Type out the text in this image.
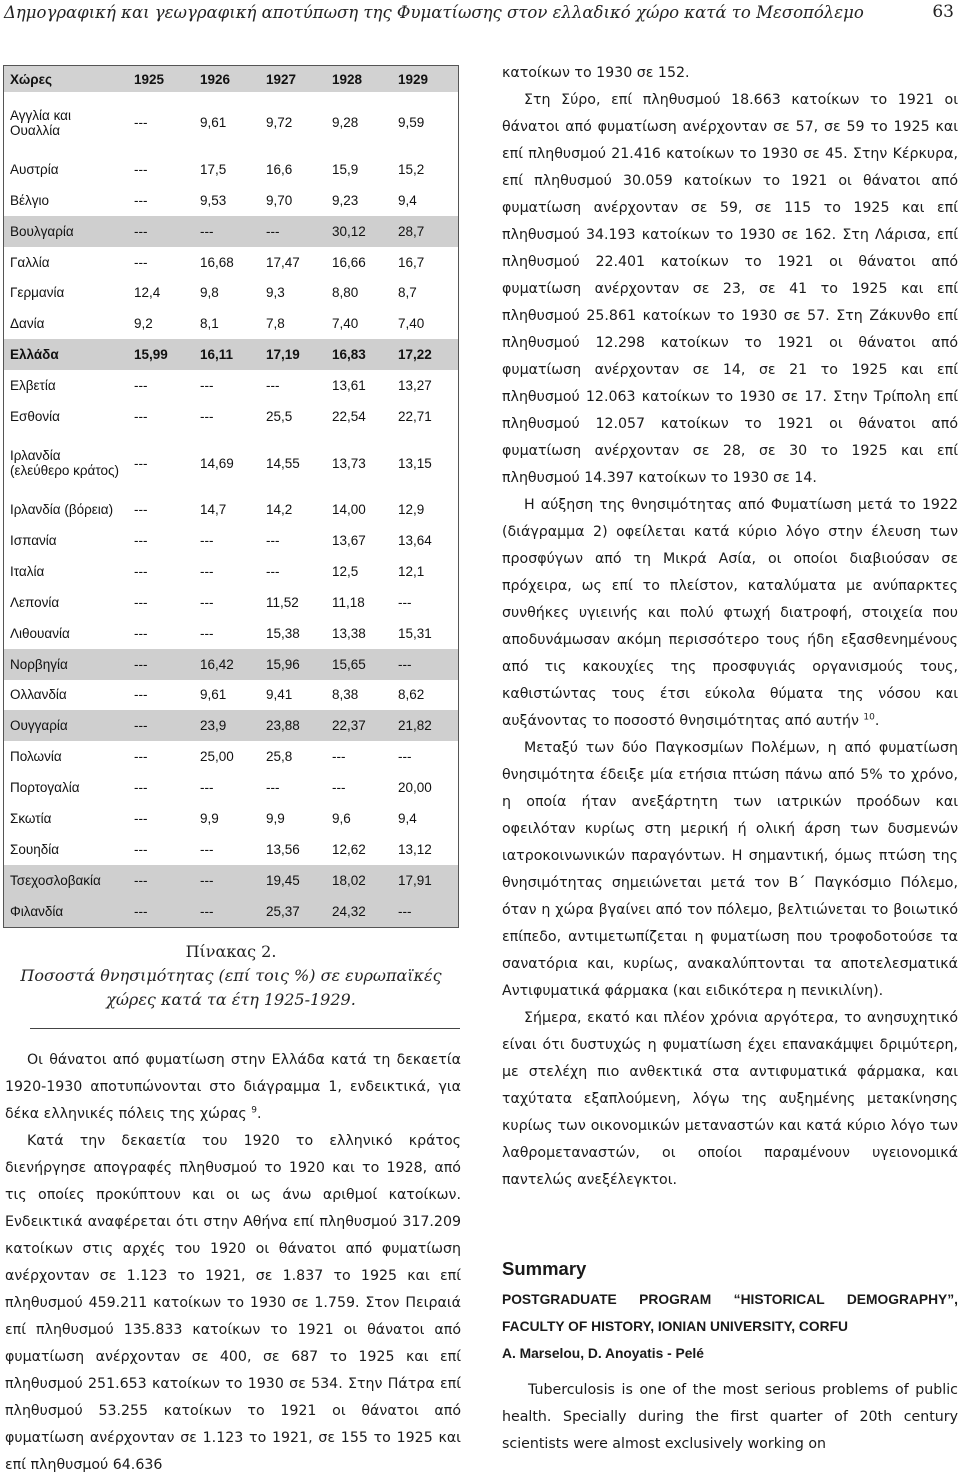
Δημογραφική και γεωγραφική αποτύπωση της Φυματίωσης στον ελλαδικό χώρο κατά το Μεσοπόλεμο	63
Χώρες	1925	1926	1927	1928	1929
Αγγλία και Ουαλλία	---	9,61	9,72	9,28	9,59
Αυστρία	---	17,5	16,6	15,9	15,2
Βέλγιο	---	9,53	9,70	9,23	9,4
Βουλγαρία	---	---	---	30,12	28,7
Γαλλία	---	16,68	17,47	16,66	16,7
Γερμανία	12,4	9,8	9,3	8,80	8,7
Δανία	9,2	8,1	7,8	7,40	7,40
Ελλάδα	15,99	16,11	17,19	16,83	17,22
Ελβετία	---	---	---	13,61	13,27
Εσθονία	---	---	25,5	22,54	22,71
Ιρλανδία (ελεύθερο κράτος)	---	14,69	14,55	13,73	13,15
Ιρλανδία (βόρεια)	---	14,7	14,2	14,00	12,9
Ισπανία	---	---	---	13,67	13,64
Ιταλία	---	---	---	12,5	12,1
Λεπονία	---	---	11,52	11,18	---
Λιθουανία	---	---	15,38	13,38	15,31
Νορβηγία	---	16,42	15,96	15,65	---
Ολλανδία	---	9,61	9,41	8,38	8,62
Ουγγαρία	---	23,9	23,88	22,37	21,82
Πολωνία	---	25,00	25,8	---	---
Πορτογαλία	---	---	---	---	20,00
Σκωτία	---	9,9	9,9	9,6	9,4
Σουηδία	---	---	13,56	12,62	13,12
Τσεχοσλοβακία	---	---	19,45	18,02	17,91
Φιλανδία	---	---	25,37	24,32	---
Πίνακας 2.
Ποσοστά θνησιμότητας (επί τοις %) σε ευρωπαϊκές
χώρες κατά τα έτη 1925-1929.

Οι θάνατοι από φυματίωση στην Ελλάδα κατά τη δεκαετία 1920-1930 αποτυπώνονται στο διάγραμμα 1, ενδεικτικά, για δέκα ελληνικές πόλεις της χώρας $^9$.

Κατά την δεκαετία του 1920 το ελληνικό κράτος διενήργησε απογραφές πληθυσμού το 1920 και το 1928, από τις οποίες προκύπτουν και οι ως άνω αριθμοί κατοίκων. Ενδεικτικά αναφέρεται ότι στην Αθήνα επί πληθυσμού 317.209 κατοίκων στις αρχές του 1920 οι θάνατοι από φυματίωση ανέρχονταν σε 1.123 το 1921, σε 1.837 το 1925 και επί πληθυσμού 459.211 κατοίκων το 1930 σε 1.759. Στον Πειραιά επί πληθυσμού 135.833 κατοίκων το 1921 οι θάνατοι από φυματίωση ανέρχονταν σε 400, σε 687 το 1925 και επί πληθυσμού 251.653 κατοίκων το 1930 σε 534. Στην Πάτρα επί πληθυσμού 53.255 κατοίκων το 1921 οι θάνατοι από φυματίωση ανέρχονταν σε 1.123 το 1921, σε 155 το 1925 και επί πληθυσμού 64.636

κατοίκων το 1930 σε 152.

Στη Σύρο, επί πληθυσμού 18.663 κατοίκων το 1921 οι θάνατοι από φυματίωση ανέρχονταν σε 57, σε 59 το 1925 και επί πληθυσμού 21.416 κατοίκων το 1930 σε 45. Στην Κέρκυρα, επί πληθυσμού 30.059 κατοίκων το 1921 οι θάνατοι από φυματίωση ανέρχονταν σε 59, σε 115 το 1925 και επί πληθυσμού 34.193 κατοίκων το 1930 σε 162. Στη Λάρισα, επί πληθυσμού 22.401 κατοίκων το 1921 οι θάνατοι από φυματίωση ανέρχονταν σε 23, σε 41 το 1925 και επί πληθυσμού 25.861 κατοίκων το 1930 σε 57. Στη Ζάκυνθο επί πληθυσμού 12.298 κατοίκων το 1921 οι θάνατοι από φυματίωση ανέρχονταν σε 14, σε 21 το 1925 και επί πληθυσμού 12.063 κατοίκων το 1930 σε 17. Στην Τρίπολη επί πληθυσμού 12.057 κατοίκων το 1921 οι θάνατοι από φυματίωση ανέρχονταν σε 28, σε 30 το 1925 και επί πληθυσμού 14.397 κατοίκων το 1930 σε 14.

Η αύξηση της θνησιμότητας από Φυματίωση μετά το 1922 (διάγραμμα 2) οφείλεται κατά κύριο λόγο στην έλευση των προσφύγων από τη Μικρά Ασία, οι οποίοι διαβιούσαν σε πρόχειρα, ως επί το πλείστον, καταλύματα με ανύπαρκτες συνθήκες υγιεινής και πολύ φτωχή διατροφή, στοιχεία που αποδυνάμωσαν ακόμη περισσότερο τους ήδη εξασθενημένους από τις κακουχίες της προσφυγιάς οργανισμούς τους, καθιστώντας τους έτσι εύκολα θύματα της νόσου και αυξάνοντας το ποσοστό θνησιμότητας από αυτήν $^{10}$.

Μεταξύ των δύο Παγκοσμίων Πολέμων, η από φυματίωση θνησιμότητα έδειξε μία ετήσια πτώση πάνω από 5% το χρόνο, η οποία ήταν ανεξάρτητη των ιατρικών προόδων και οφειλόταν κυρίως στη μερική ή ολική άρση των δυσμενών ιατροκοινωνικών παραγόντων. Η σημαντική, όμως πτώση της θνησιμότητας σημειώνεται μετά τον Β΄ Παγκόσμιο Πόλεμο, όταν η χώρα βγαίνει από τον πόλεμο, βελτιώνεται το βοιωτικό επίπεδο, αντιμετωπίζεται η φυματίωση που τροφοδοτούσε τα σανατόρια και, κυρίως, ανακαλύπτονται τα αποτελεσματικά Αντιφυματικά φάρμακα (και ειδικότερα η πενικιλίνη).

Σήμερα, εκατό και πλέον χρόνια αργότερα, το ανησυχητικό είναι ότι δυστυχώς η φυματίωση έχει επανακάμψει δριμύτερη, με στελέχη πιο ανθεκτικά στα αντιφυματικά φάρμακα, και ταχύτατα εξαπλούμενη, λόγω της αυξημένης μετακίνησης κυρίως των οικονομικών μεταναστών και κατά κύριο λόγο των λαθρομεταναστών, οι οποίοι παραμένουν υγειονομικά παντελώς ανεξέλεγκτοι.

Summary

POSTGRADUATE PROGRAM “HISTORICAL DEMOGRAPHY”, FACULTY OF HISTORY, IONIAN UNIVERSITY, CORFU

A. Marselou, D. Anoyatis - Pelé

Tuberculosis is one of the most serious problems of public health. Specially during the first quarter of 20th century scientists were almost exclusively working on
